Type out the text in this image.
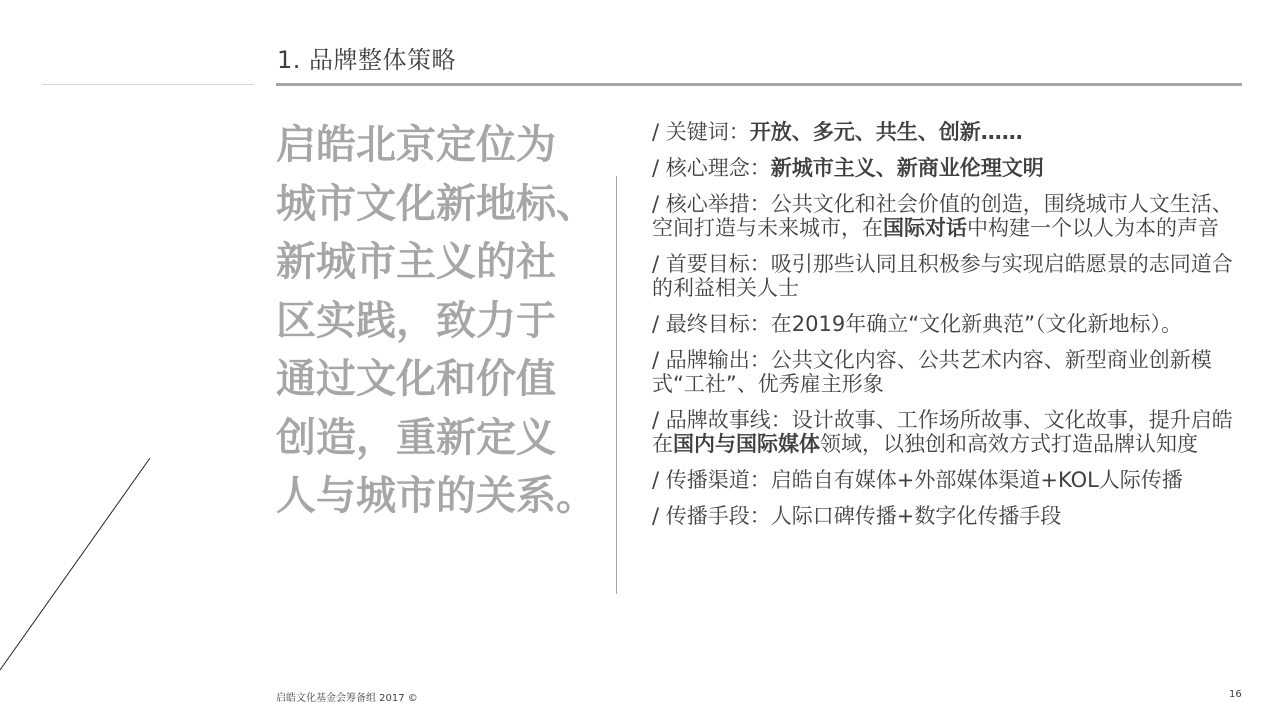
1. 品牌整体策略
启皓北京定位为
城市文化新地标、
新城市主义的社
区实践，致力于
通过文化和价值
创造，重新定义
人与城市的关系。
/ 关键词：开放、多元、共生、创新……
/ 核心理念：新城市主义、新商业伦理文明
/ 核心举措：公共文化和社会价值的创造，围绕城市人文生活、空间打造与未来城市，在国际对话中构建一个以人为本的声音
/ 首要目标：吸引那些认同且积极参与实现启皓愿景的志同道合的利益相关人士
/ 最终目标：在2019年确立“文化新典范”（文化新地标）。
/ 品牌输出：公共文化内容、公共艺术内容、新型商业创新模式“工社”、优秀雇主形象
/ 品牌故事线：设计故事、工作场所故事、文化故事，提升启皓在国内与国际媒体领域，以独创和高效方式打造品牌认知度
/ 传播渠道：启皓自有媒体+外部媒体渠道+KOL人际传播
/ 传播手段：人际口碑传播+数字化传播手段
启皓文化基金会筹备组 2017 ©	16
